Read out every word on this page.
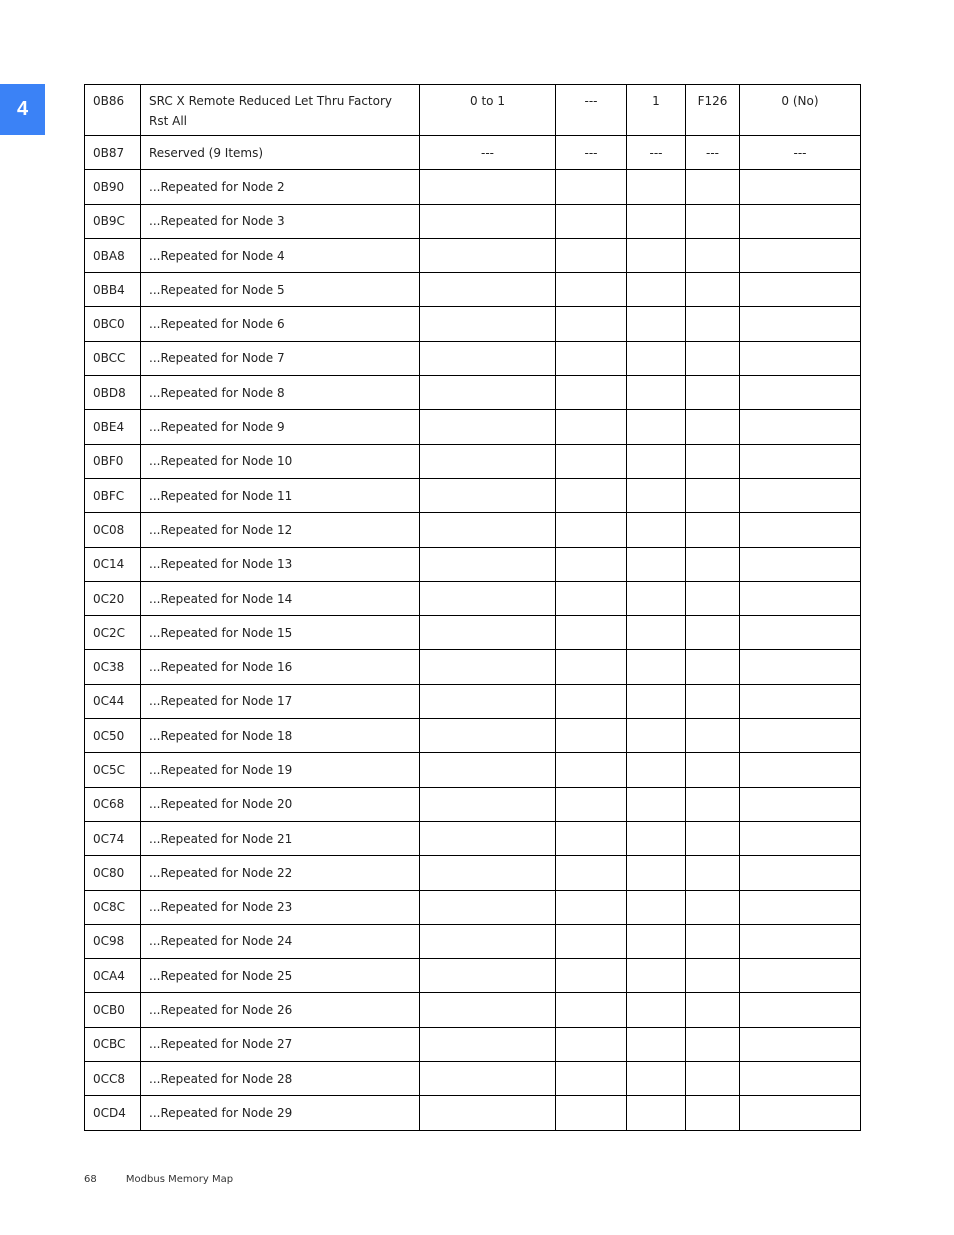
4	0B86	SRC X Remote Reduced Let Thru Factory Rst All	0 to 1	---	1	F126	0 (No)
0B87	Reserved (9 Items)	---	---	---	---	---
0B90	...Repeated for Node 2					
0B9C	...Repeated for Node 3					
0BA8	...Repeated for Node 4					
0BB4	...Repeated for Node 5					
0BC0	...Repeated for Node 6					
0BCC	...Repeated for Node 7					
0BD8	...Repeated for Node 8					
0BE4	...Repeated for Node 9					
0BF0	...Repeated for Node 10					
0BFC	...Repeated for Node 11					
0C08	...Repeated for Node 12					
0C14	...Repeated for Node 13					
0C20	...Repeated for Node 14					
0C2C	...Repeated for Node 15					
0C38	...Repeated for Node 16					
0C44	...Repeated for Node 17					
0C50	...Repeated for Node 18					
0C5C	...Repeated for Node 19					
0C68	...Repeated for Node 20					
0C74	...Repeated for Node 21					
0C80	...Repeated for Node 22					
0C8C	...Repeated for Node 23					
0C98	...Repeated for Node 24					
0CA4	...Repeated for Node 25					
0CB0	...Repeated for Node 26					
0CBC	...Repeated for Node 27					
0CC8	...Repeated for Node 28					
0CD4	...Repeated for Node 29					
68	Modbus Memory Map
